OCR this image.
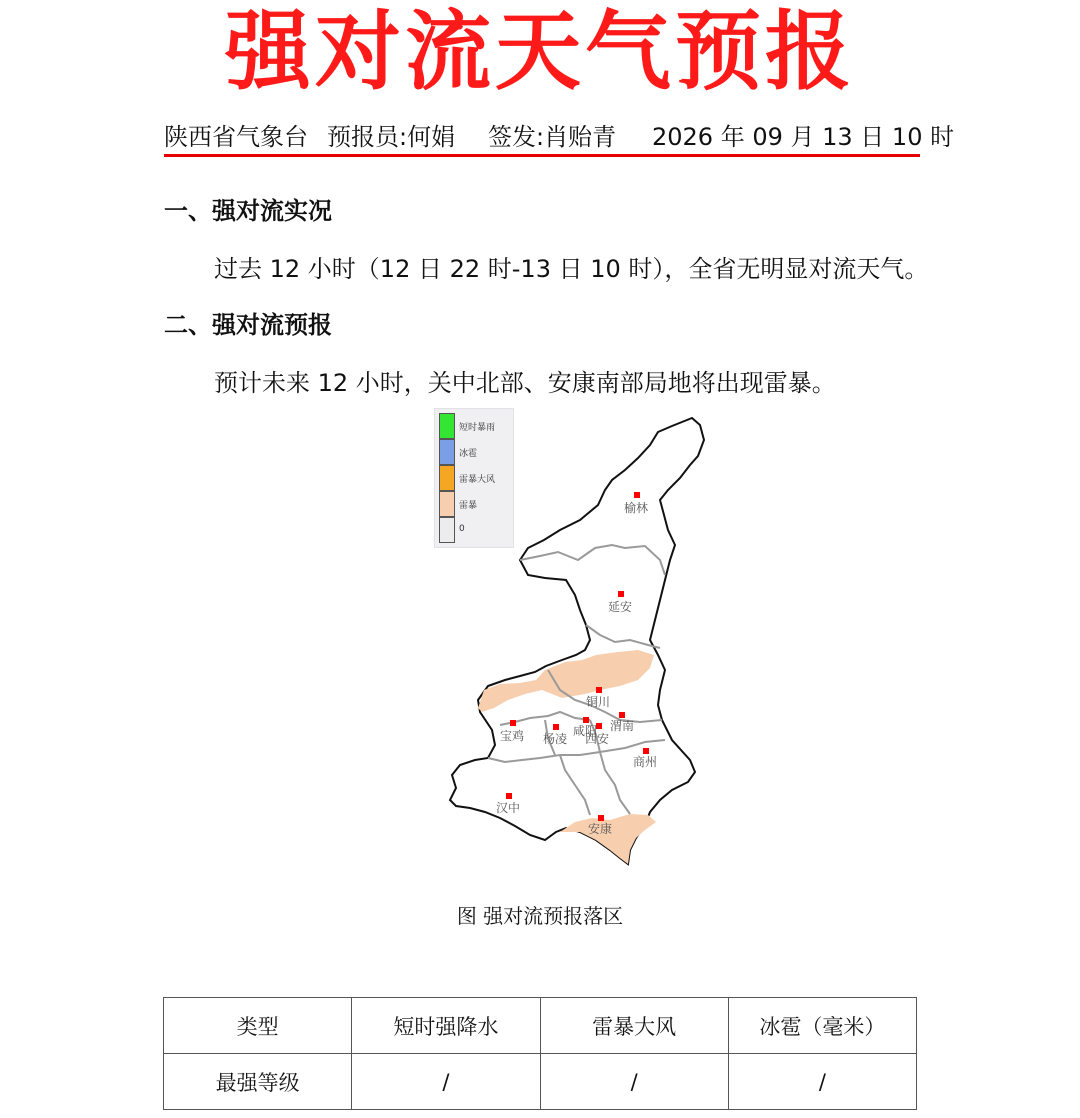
强对流天气预报
陕西省气象台 预报员:何娟 签发:肖贻青 2026 年 09 月 13 日 10 时
一、强对流实况
过去 12 小时（12 日 22 时-13 日 10 时），全省无明显对流天气。
二、强对流预报
预计未来 12 小时，关中北部、安康南部局地将出现雷暴。
榆林
延安
铜川
宝鸡 杨凌
咸阳
西安
渭南
商州
汉中
安康
短时暴雨
冰雹
雷暴大风
雷暴
0
图 强对流预报落区
类型	短时强降水	雷暴大风	冰雹（毫米）
最强等级	/	/	/
